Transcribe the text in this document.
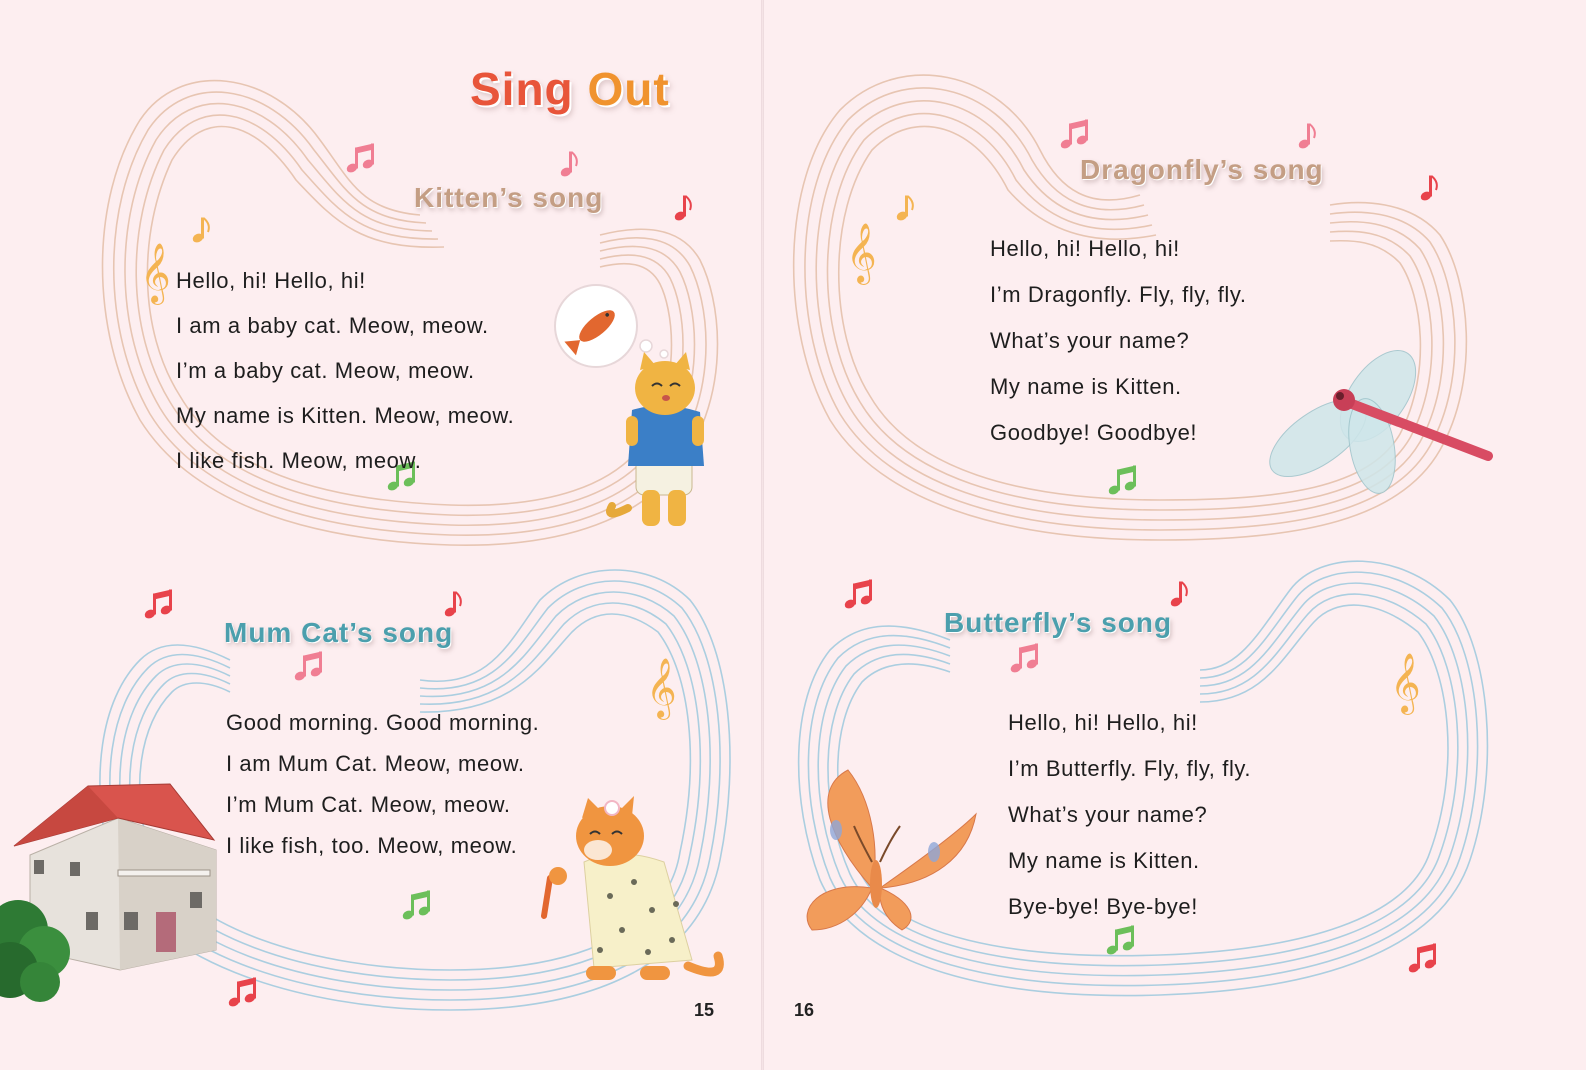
𝄞	𝄞
𝄞	𝄞
Sing Out
Kitten’s song
Hello, hi! Hello, hi!
I am a baby cat. Meow, meow.
I’m a baby cat. Meow, meow.
My name is Kitten. Meow, meow.
I like fish. Meow, meow.
Mum Cat’s song
Good morning. Good morning.
I am Mum Cat. Meow, meow.
I’m Mum Cat. Meow, meow.
I like fish, too. Meow, meow.
Dragonfly’s song
Hello, hi! Hello, hi!
I’m Dragonfly. Fly, fly, fly.
What’s your name?
My name is Kitten.
Goodbye! Goodbye!
Butterfly’s song
Hello, hi! Hello, hi!
I’m Butterfly. Fly, fly, fly.
What’s your name?
My name is Kitten.
Bye-bye! Bye-bye!

15	16
